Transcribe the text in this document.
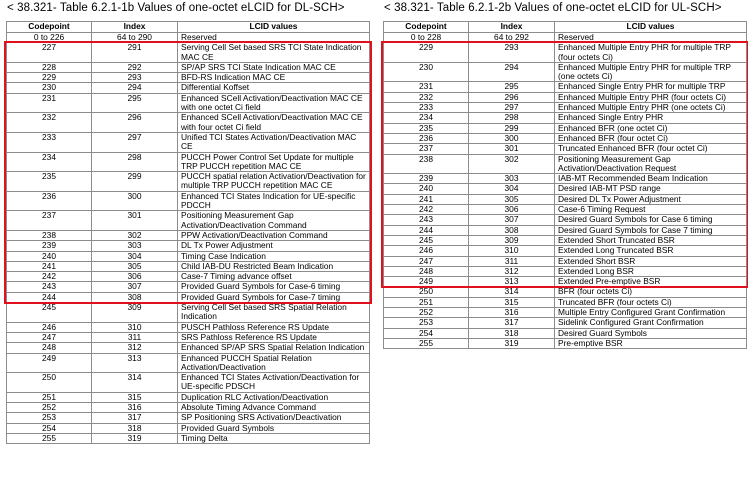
< 38.321- Table 6.2.1-1b Values of one-octet eLCID for DL-SCH>
Codepoint	Index	LCID values
0 to 226	64 to 290	Reserved
227	291	Serving Cell Set based SRS TCI State Indication MAC CE
228	292	SP/AP SRS TCI State Indication MAC CE
229	293	BFD-RS Indication MAC CE
230	294	Differential Koffset
231	295	Enhanced SCell Activation/Deactivation MAC CE with one octet Ci field
232	296	Enhanced SCell Activation/Deactivation MAC CE with four octet Ci field
233	297	Unified TCI States Activation/Deactivation MAC CE
234	298	PUCCH Power Control Set Update for multiple TRP PUCCH repetition MAC CE
235	299	PUCCH spatial relation Activation/Deactivation for multiple TRP PUCCH repetition MAC CE
236	300	Enhanced TCI States Indication for UE-specific PDCCH
237	301	Positioning Measurement Gap Activation/Deactivation Command
238	302	PPW Activation/Deactivation Command
239	303	DL Tx Power Adjustment
240	304	Timing Case Indication
241	305	Child IAB-DU Restricted Beam Indication
242	306	Case-7 Timing advance offset
243	307	Provided Guard Symbols for Case-6 timing
244	308	Provided Guard Symbols for Case-7 timing
245	309	Serving Cell Set based SRS Spatial Relation Indication
246	310	PUSCH Pathloss Reference RS Update
247	311	SRS Pathloss Reference RS Update
248	312	Enhanced SP/AP SRS Spatial Relation Indication
249	313	Enhanced PUCCH Spatial Relation Activation/Deactivation
250	314	Enhanced TCI States Activation/Deactivation for UE-specific PDSCH
251	315	Duplication RLC Activation/Deactivation
252	316	Absolute Timing Advance Command
253	317	SP Positioning SRS Activation/Deactivation
254	318	Provided Guard Symbols
255	319	Timing Delta
< 38.321- Table 6.2.1-2b Values of one-octet eLCID for UL-SCH>
Codepoint	Index	LCID values
0 to 228	64 to 292	Reserved
229	293	Enhanced Multiple Entry PHR for multiple TRP (four octets Ci)
230	294	Enhanced Multiple Entry PHR for multiple TRP (one octets Ci)
231	295	Enhanced Single Entry PHR for multiple TRP
232	296	Enhanced Multiple Entry PHR (four octets Ci)
233	297	Enhanced Multiple Entry PHR (one octets Ci)
234	298	Enhanced Single Entry PHR
235	299	Enhanced BFR (one octet Ci)
236	300	Enhanced BFR (four octet Ci)
237	301	Truncated Enhanced BFR (four octet Ci)
238	302	Positioning Measurement Gap Activation/Deactivation Request
239	303	IAB-MT Recommended Beam Indication
240	304	Desired IAB-MT PSD range
241	305	Desired DL Tx Power Adjustment
242	306	Case-6 Timing Request
243	307	Desired Guard Symbols for Case 6 timing
244	308	Desired Guard Symbols for Case 7 timing
245	309	Extended Short Truncated BSR
246	310	Extended Long Truncated BSR
247	311	Extended Short BSR
248	312	Extended Long BSR
249	313	Extended Pre-emptive BSR
250	314	BFR (four octets Ci)
251	315	Truncated BFR (four octets Ci)
252	316	Multiple Entry Configured Grant Confirmation
253	317	Sidelink Configured Grant Confirmation
254	318	Desired Guard Symbols
255	319	Pre-emptive BSR
